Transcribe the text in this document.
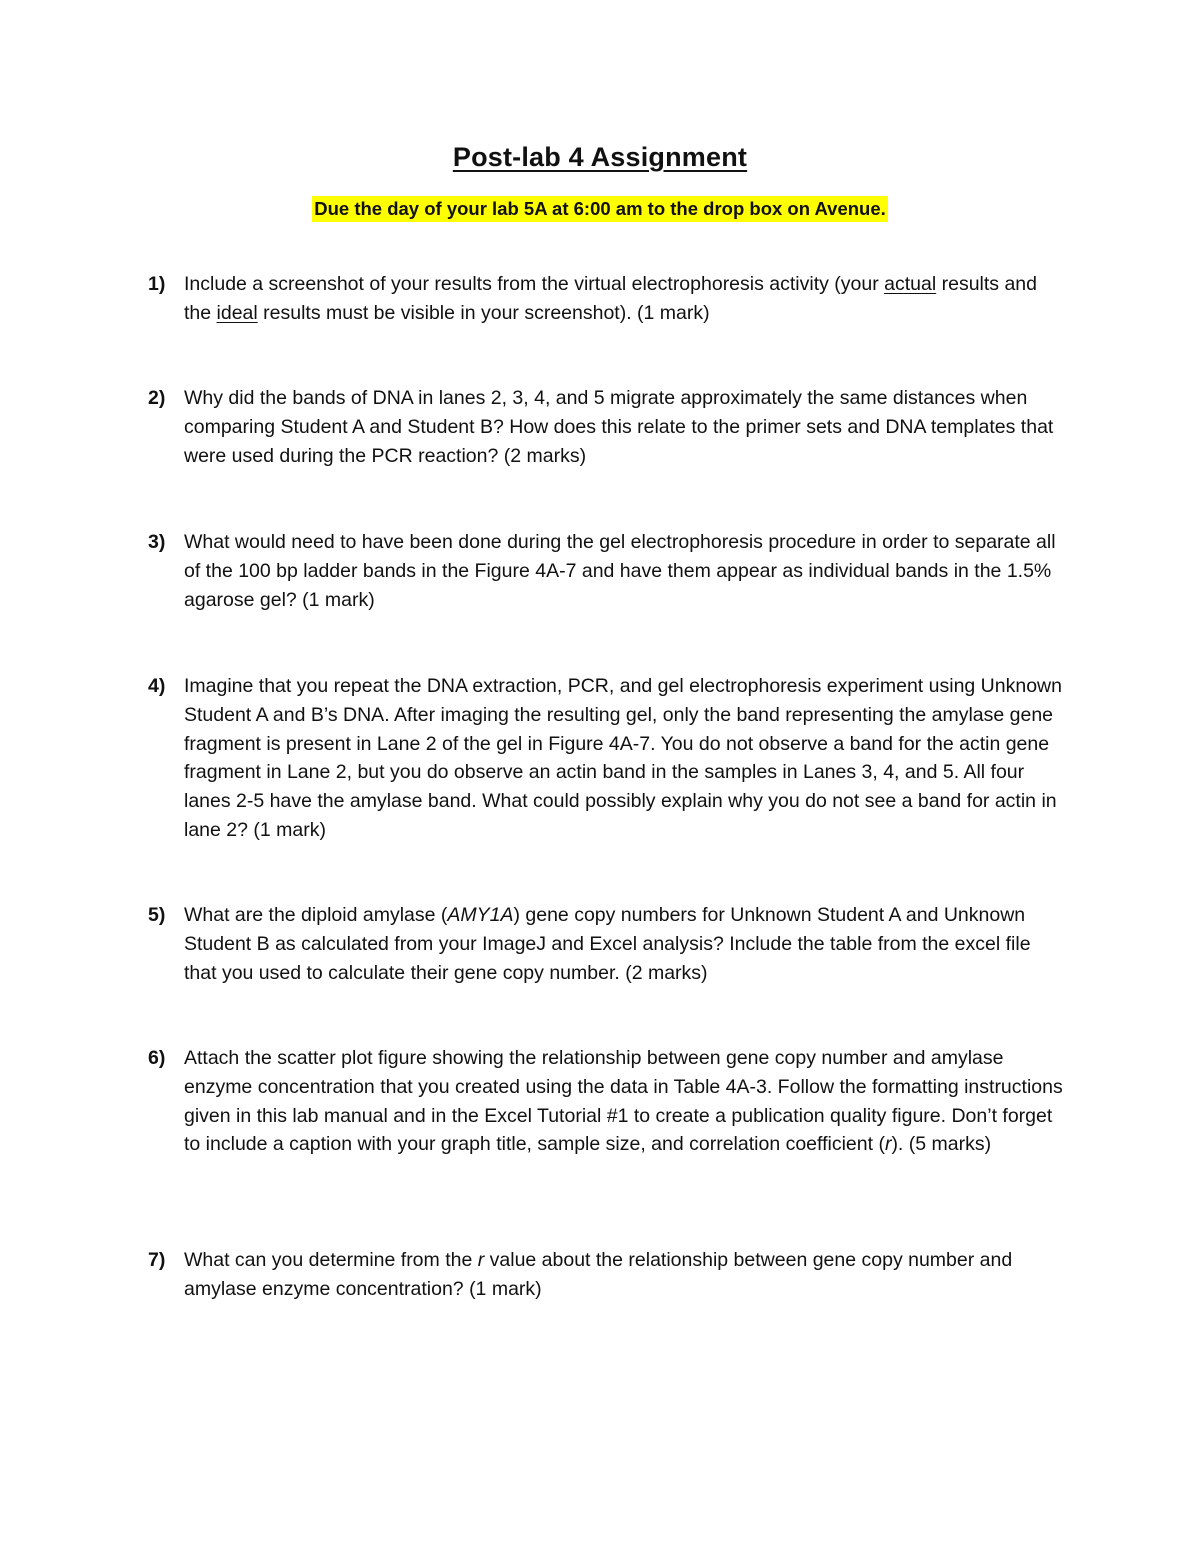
Post-lab 4 Assignment
Due the day of your lab 5A at 6:00 am to the drop box on Avenue.
1) Include a screenshot of your results from the virtual electrophoresis activity (your actual results and the ideal results must be visible in your screenshot). (1 mark)
2) Why did the bands of DNA in lanes 2, 3, 4, and 5 migrate approximately the same distances when comparing Student A and Student B? How does this relate to the primer sets and DNA templates that were used during the PCR reaction? (2 marks)
3) What would need to have been done during the gel electrophoresis procedure in order to separate all of the 100 bp ladder bands in the Figure 4A-7 and have them appear as individual bands in the 1.5% agarose gel? (1 mark)
4) Imagine that you repeat the DNA extraction, PCR, and gel electrophoresis experiment using Unknown Student A and B’s DNA. After imaging the resulting gel, only the band representing the amylase gene fragment is present in Lane 2 of the gel in Figure 4A-7. You do not observe a band for the actin gene fragment in Lane 2, but you do observe an actin band in the samples in Lanes 3, 4, and 5. All four lanes 2-5 have the amylase band. What could possibly explain why you do not see a band for actin in lane 2? (1 mark)
5) What are the diploid amylase (AMY1A) gene copy numbers for Unknown Student A and Unknown Student B as calculated from your ImageJ and Excel analysis? Include the table from the excel file that you used to calculate their gene copy number. (2 marks)
6) Attach the scatter plot figure showing the relationship between gene copy number and amylase enzyme concentration that you created using the data in Table 4A-3. Follow the formatting instructions given in this lab manual and in the Excel Tutorial #1 to create a publication quality figure. Don’t forget to include a caption with your graph title, sample size, and correlation coefficient (r). (5 marks)
7) What can you determine from the r value about the relationship between gene copy number and amylase enzyme concentration? (1 mark)
